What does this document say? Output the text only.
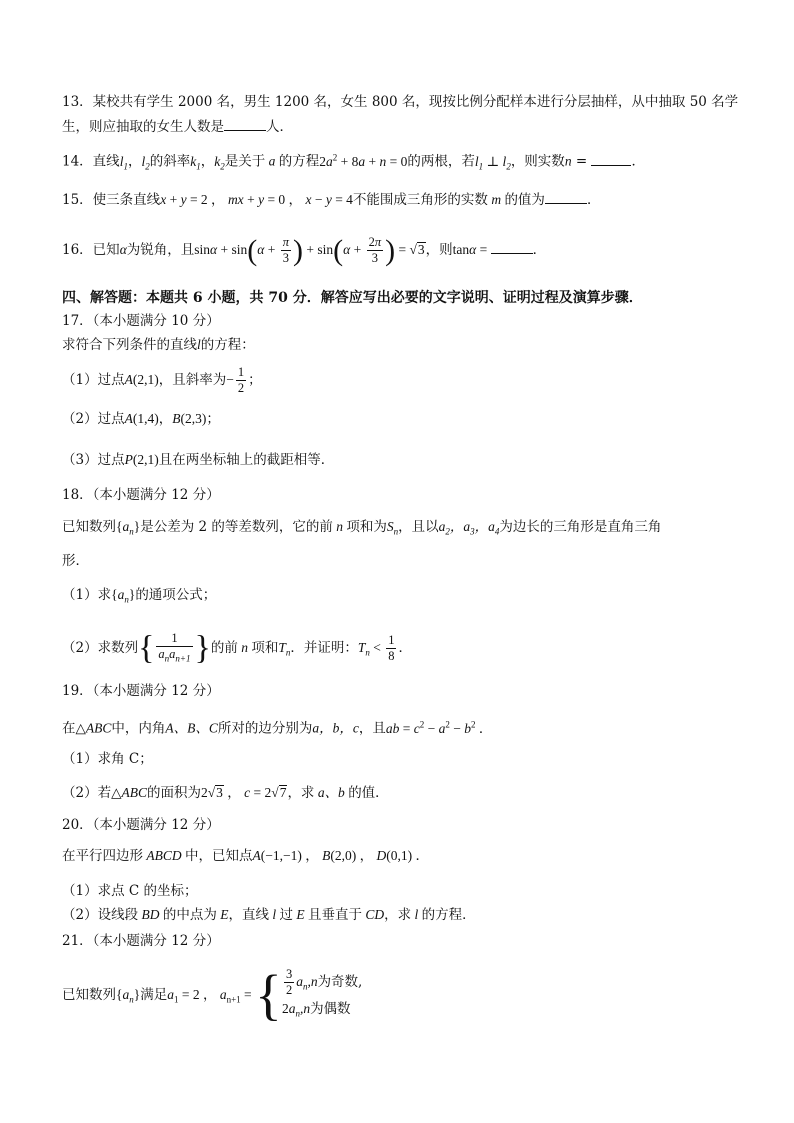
13．某校共有学生 2000 名，男生 1200 名，女生 800 名，现按比例分配样本进行分层抽样，从中抽取 50 名学
生，则应抽取的女生人数是	人．
14．直线$l_1$，$l_2$的斜率$k_1$，$k_2$是关于 a 的方程$2a^2 + 8a + n = 0$的两根，若$l_1$ ⊥ $l_2$，则实数n =	．
15．使三条直线x + y = 2 ， mx + y = 0 ， x − y = 4不能围成三角形的实数 m 的值为	．
16．已知α为锐角，且$\sin\alpha + \sin(\alpha + \frac{\pi}{3}$ ) + $\sin(\alpha + \frac{2\pi}{3}$ ) = √3，则tanα =	．
四、解答题：本题共 6 小题，共 70 分．解答应写出必要的文字说明、证明过程及演算步骤．
17．（本小题满分 10 分）
求符合下列条件的直线l的方程：
（1）过点A(2,1)，且斜率为− $\frac{1}{2}$ ；
（2）过点A(1,4)，B(2,3)；
（3）过点P(2,1)且在两坐标轴上的截距相等．
18．（本小题满分 12 分）
已知数列$\{a_n\}$是公差为 2 的等差数列，它的前 n 项和为$S_n$，且以$a_2$，$a_3$，$a_4$为边长的三角形是直角三角
形．
（1）求$\{a_n\}$的通项公式；
（2）求数列{ $\frac{1}{a_na_{n+1}}$ }的前 n 项和$T_n$．并证明：$T_n < \frac{1}{8}$ ．
19．（本小题满分 12 分）
在△ABC中，内角A、B、C所对的边分别为a，b，c，且ab = $c^2 - a^2 - b^2$ ．
（1）求角 C；
（2）若△ABC的面积为2√3 ， c = 2√7，求 a、b 的值．
20．（本小题满分 12 分）
在平行四边形 ABCD 中，已知点A(−1,−1) ， B(2,0) ， D(0,1) ．
（1）求点 C 的坐标；
（2）设线段 BD 的中点为 E，直线 l 过 E 且垂直于 CD，求 l 的方程．
21．（本小题满分 12 分）
已知数列$\{a_n\}$满足$a_1 = 2$ ， $a_{n+1}$ = { $\frac{3}{2} a_n,n$为奇数,
$2a_n,n$为偶数
